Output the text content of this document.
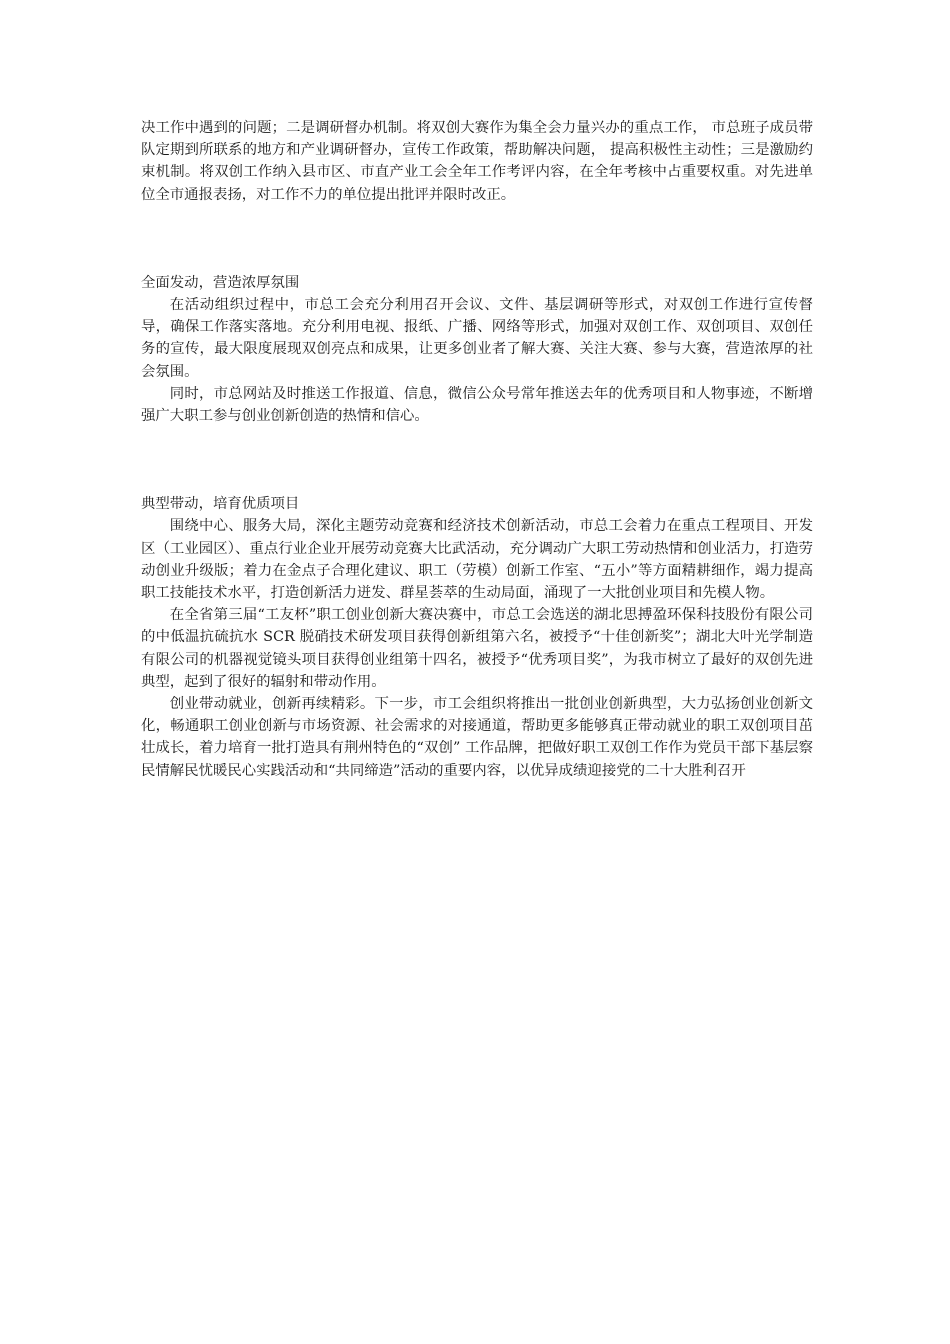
决工作中遇到的问题；二是调研督办机制。将双创大赛作为集全会力量兴办的重点工作， 市总班子成员带队定期到所联系的地方和产业调研督办，宣传工作政策，帮助解决问题， 提高积极性主动性；三是激励约束机制。将双创工作纳入县市区、市直产业工会全年工作考评内容，在全年考核中占重要权重。对先进单位全市通报表扬，对工作不力的单位提出批评并限时改正。

全面发动，营造浓厚氛围

在活动组织过程中，市总工会充分利用召开会议、文件、基层调研等形式，对双创工作进行宣传督导，确保工作落实落地。充分利用电视、报纸、广播、网络等形式，加强对双创工作、双创项目、双创任务的宣传，最大限度展现双创亮点和成果，让更多创业者了解大赛、关注大赛、参与大赛，营造浓厚的社会氛围。

同时，市总网站及时推送工作报道、信息，微信公众号常年推送去年的优秀项目和人物事迹，不断增强广大职工参与创业创新创造的热情和信心。

典型带动，培育优质项目

围绕中心、服务大局，深化主题劳动竞赛和经济技术创新活动，市总工会着力在重点工程项目、开发区（工业园区）、重点行业企业开展劳动竞赛大比武活动，充分调动广大职工劳动热情和创业活力，打造劳动创业升级版；着力在金点子合理化建议、职工（劳模）创新工作室、“五小”等方面精耕细作，竭力提高职工技能技术水平，打造创新活力迸发、群星荟萃的生动局面，涌现了一大批创业项目和先模人物。

在全省第三届“工友杯”职工创业创新大赛决赛中，市总工会选送的湖北思搏盈环保科技股份有限公司的中低温抗硫抗水 SCR 脱硝技术研发项目获得创新组第六名，被授予“十佳创新奖”；湖北大叶光学制造有限公司的机器视觉镜头项目获得创业组第十四名，被授予“优秀项目奖”，为我市树立了最好的双创先进典型，起到了很好的辐射和带动作用。

创业带动就业，创新再续精彩。下一步，市工会组织将推出一批创业创新典型，大力弘扬创业创新文化，畅通职工创业创新与市场资源、社会需求的对接通道，帮助更多能够真正带动就业的职工双创项目茁壮成长，着力培育一批打造具有荆州特色的“双创” 工作品牌，把做好职工双创工作作为党员干部下基层察民情解民忧暖民心实践活动和“共同缔造”活动的重要内容，以优异成绩迎接党的二十大胜利召开
